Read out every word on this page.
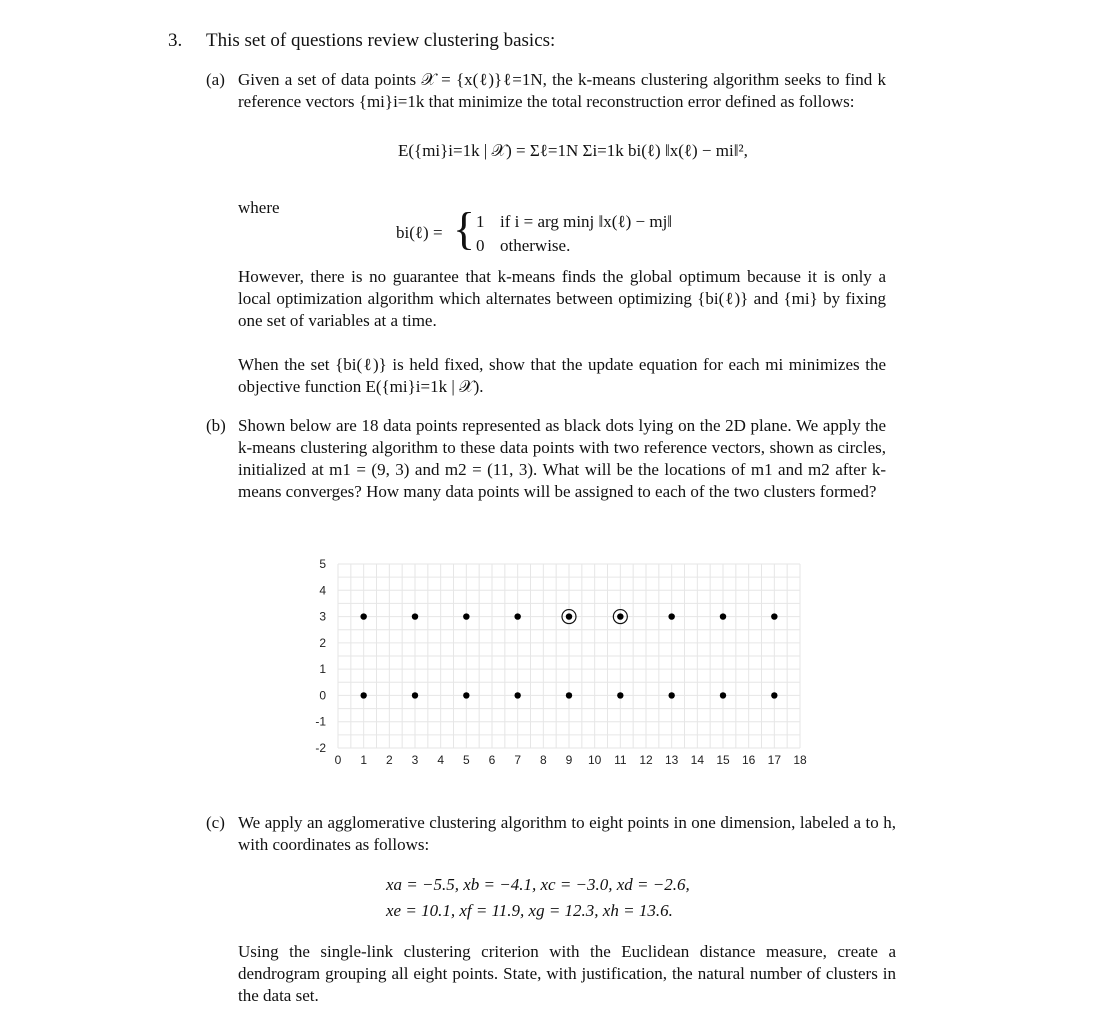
3. This set of questions review clustering basics:
(a) Given a set of data points 𝒳 = {x(ℓ)}ℓ=1N, the k-means clustering algorithm seeks to find k reference vectors {mi}i=1k that minimize the total reconstruction error defined as follows:
E({mi}i=1k | 𝒳) = Σℓ=1N Σi=1k bi(ℓ) ‖x(ℓ) − mi‖²,
where
bi(ℓ) = { 1 if i = arg minj ‖x(ℓ) − mj‖
0 otherwise.
However, there is no guarantee that k-means finds the global optimum because it is only a local optimization algorithm which alternates between optimizing {bi(ℓ)} and {mi} by fixing one set of variables at a time.
When the set {bi(ℓ)} is held fixed, show that the update equation for each mi minimizes the objective function E({mi}i=1k | 𝒳).
(b) Shown below are 18 data points represented as black dots lying on the 2D plane. We apply the k-means clustering algorithm to these data points with two reference vectors, shown as circles, initialized at m1 = (9, 3) and m2 = (11, 3). What will be the locations of m1 and m2 after k-means converges? How many data points will be assigned to each of the two clusters formed?
0 1 2 3 4 5 6 7 8 9 10 11 12 13 14 15 16 17 18
5
4
3
2
1
0
-1
-2
(c) We apply an agglomerative clustering algorithm to eight points in one dimension, labeled a to h, with coordinates as follows:
xa = −5.5, xb = −4.1, xc = −3.0, xd = −2.6,
xe = 10.1, xf = 11.9, xg = 12.3, xh = 13.6.
Using the single-link clustering criterion with the Euclidean distance measure, create a dendrogram grouping all eight points. State, with justification, the natural number of clusters in the data set.
